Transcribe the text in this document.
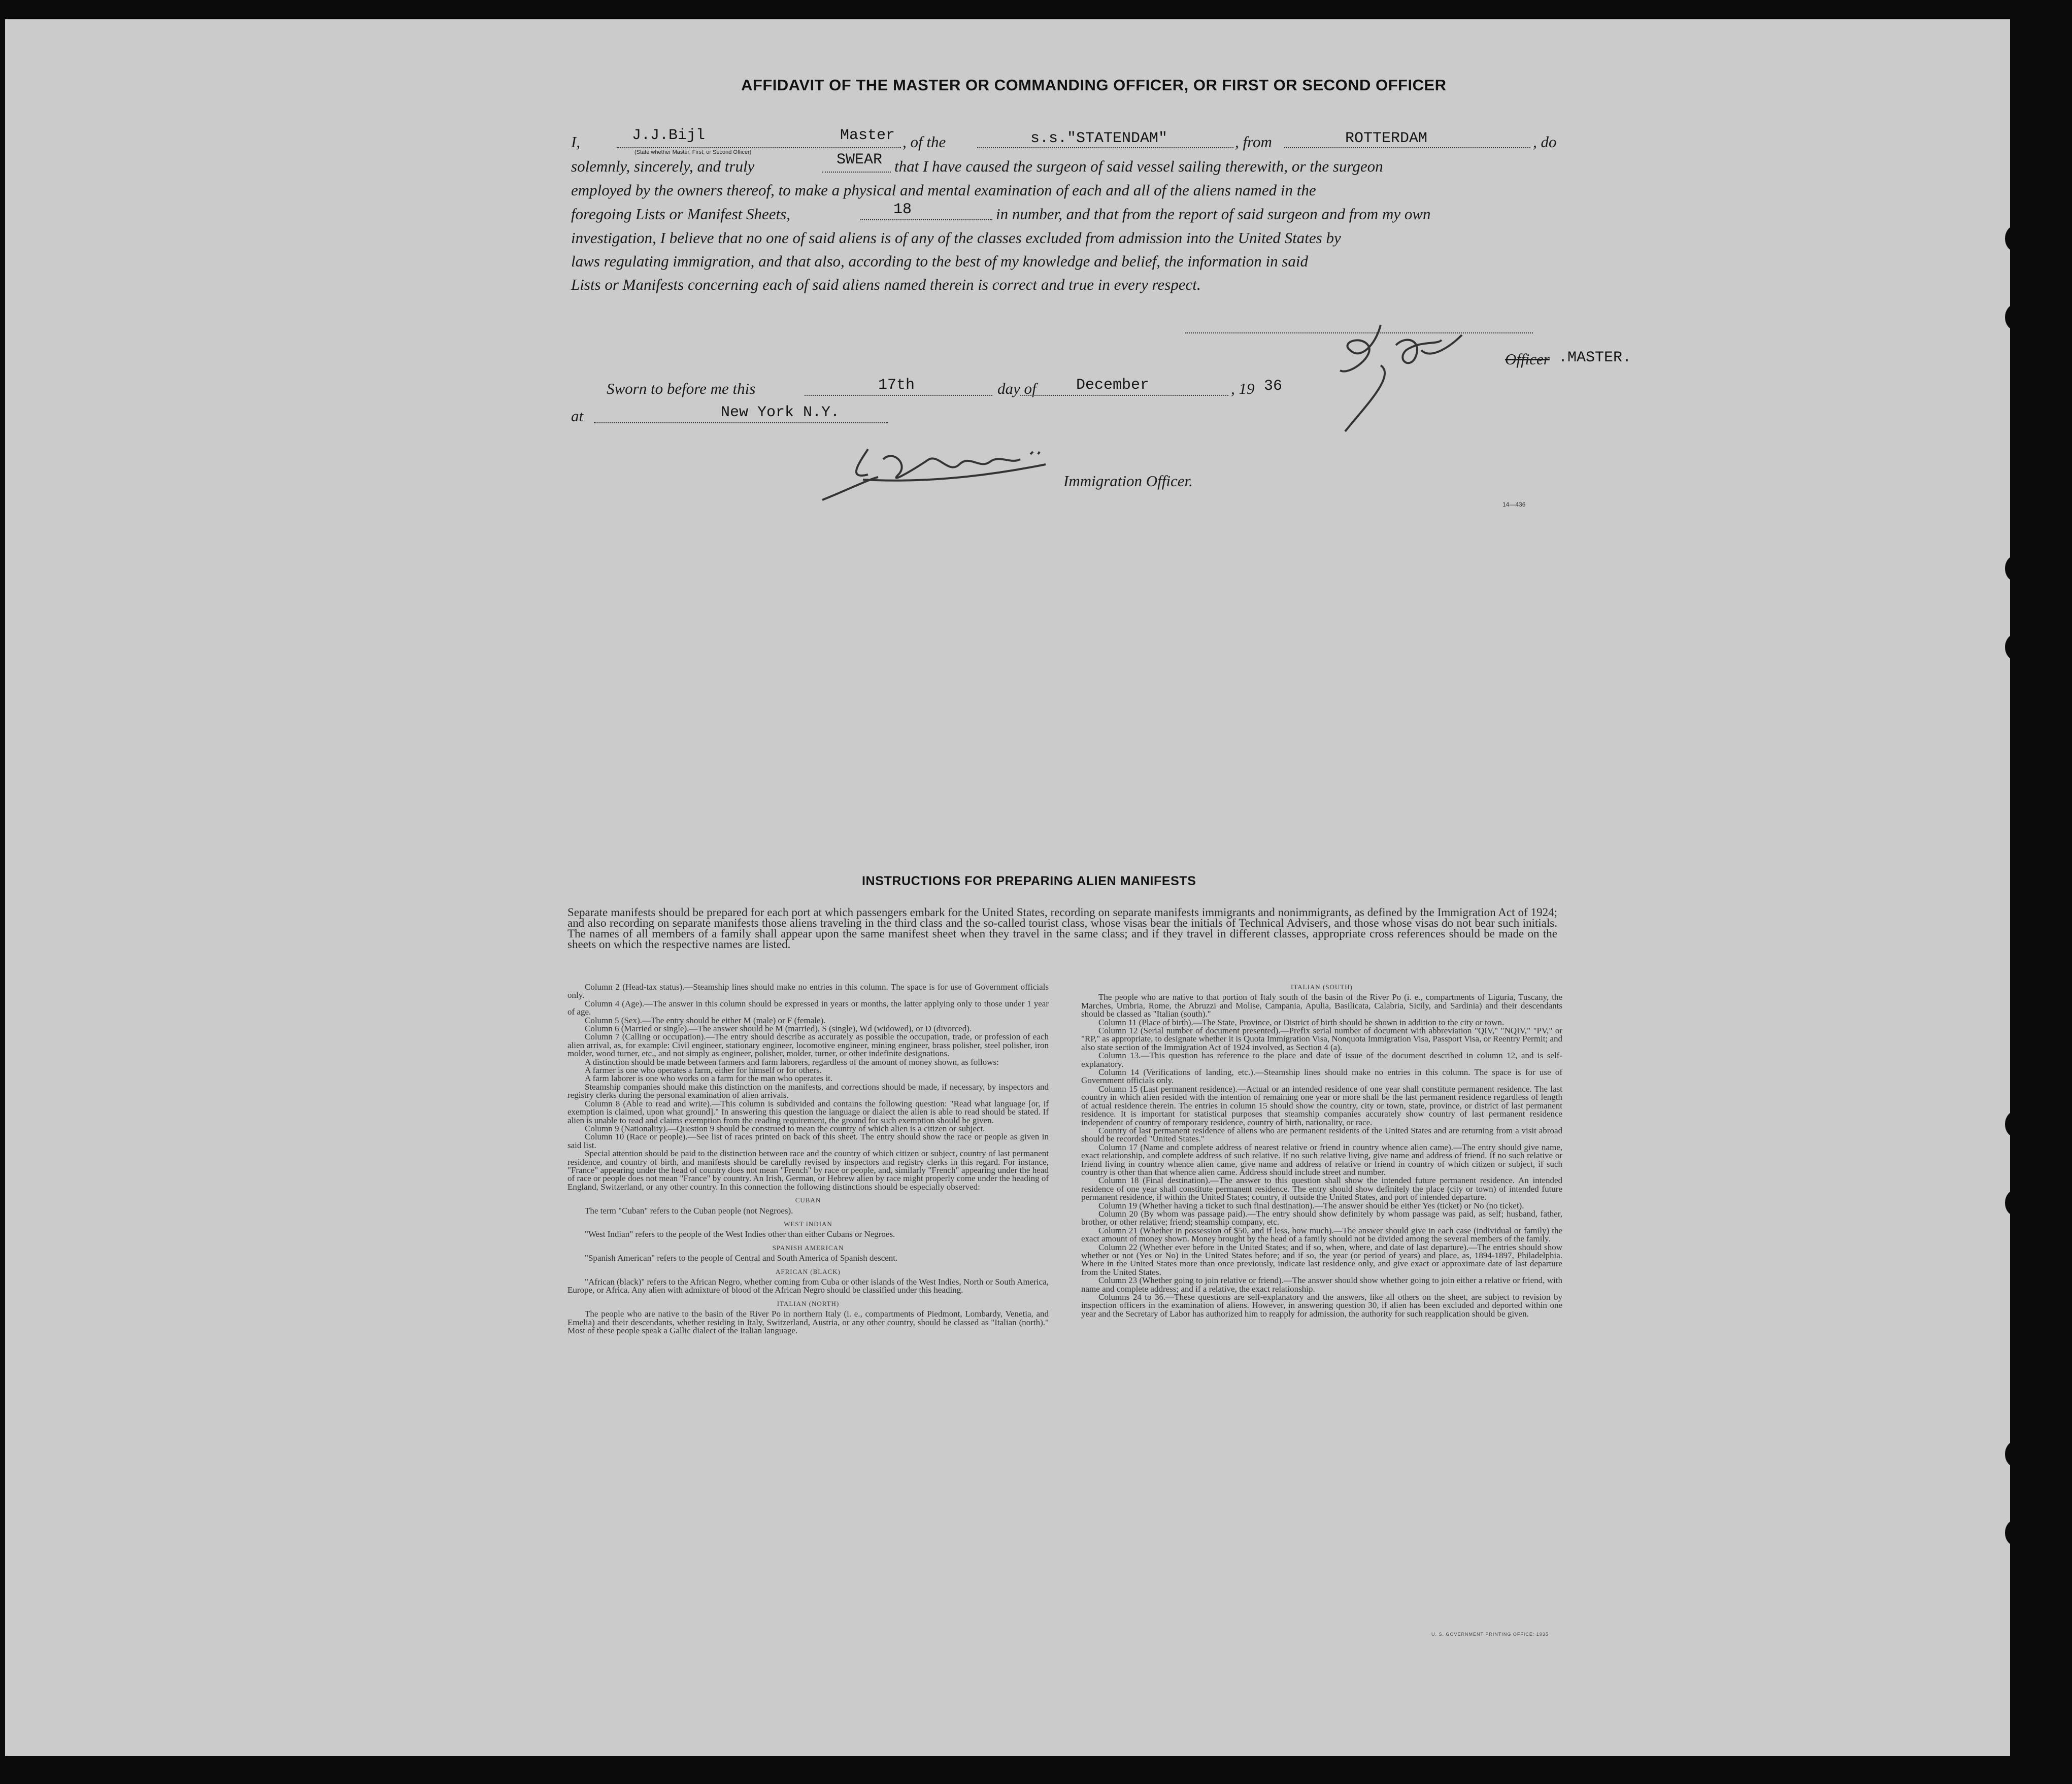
AFFIDAVIT OF THE MASTER OR COMMANDING OFFICER, OR FIRST OR SECOND OFFICER
I,	J.J.Bijl	Master
(State whether Master, First, or Second Officer)
, of the	s.s."STATENDAM"	, from	ROTTERDAM	, do
solemnly, sincerely, and truly	SWEAR that I have caused the surgeon of said vessel sailing therewith, or the surgeon
employed by the owners thereof, to make a physical and mental examination of each and all of the aliens named in the
foregoing Lists or Manifest Sheets,	18	in number, and that from the report of said surgeon and from my own
investigation, I believe that no one of said aliens is of any of the classes excluded from admission into the United States by
laws regulating immigration, and that also, according to the best of my knowledge and belief, the information in said
Lists or Manifests concerning each of said aliens named therein is correct and true in every respect.
Officer .MASTER.
Sworn to before me this	17th	day of	December	, 19 36
at	New York N.Y.
Immigration Officer.
14—436
INSTRUCTIONS FOR PREPARING ALIEN MANIFESTS
Separate manifests should be prepared for each port at which passengers embark for the United States, recording on separate manifests immigrants and nonimmigrants, as defined by the Immigration Act of 1924; and also recording on separate manifests those aliens traveling in the third class and the so-called tourist class, whose visas bear the initials of Technical Advisers, and those whose visas do not bear such initials. The names of all members of a family shall appear upon the same manifest sheet when they travel in the same class; and if they travel in different classes, appropriate cross references should be made on the sheets on which the respective names are listed.

Column 2 (Head-tax status).—Steamship lines should make no entries in this column. The space is for use of Government officials only.

Column 4 (Age).—The answer in this column should be expressed in years or months, the latter applying only to those under 1 year of age.

Column 5 (Sex).—The entry should be either M (male) or F (female).

Column 6 (Married or single).—The answer should be M (married), S (single), Wd (widowed), or D (divorced).

Column 7 (Calling or occupation).—The entry should describe as accurately as possible the occupation, trade, or profession of each alien arrival, as, for example: Civil engineer, stationary engineer, locomotive engineer, mining engineer, brass polisher, steel polisher, iron molder, wood turner, etc., and not simply as engineer, polisher, molder, turner, or other indefinite designations.

A distinction should be made between farmers and farm laborers, regardless of the amount of money shown, as follows:

A farmer is one who operates a farm, either for himself or for others.

A farm laborer is one who works on a farm for the man who operates it.

Steamship companies should make this distinction on the manifests, and corrections should be made, if necessary, by inspectors and registry clerks during the personal examination of alien arrivals.

Column 8 (Able to read and write).—This column is subdivided and contains the following question: "Read what language [or, if exemption is claimed, upon what ground]." In answering this question the language or dialect the alien is able to read should be stated. If alien is unable to read and claims exemption from the reading requirement, the ground for such exemption should be given.

Column 9 (Nationality).—Question 9 should be construed to mean the country of which alien is a citizen or subject.

Column 10 (Race or people).—See list of races printed on back of this sheet. The entry should show the race or people as given in said list.

Special attention should be paid to the distinction between race and the country of which citizen or subject, country of last permanent residence, and country of birth, and manifests should be carefully revised by inspectors and registry clerks in this regard. For instance, "France" appearing under the head of country does not mean "French" by race or people, and, similarly "French" appearing under the head of race or people does not mean "France" by country. An Irish, German, or Hebrew alien by race might properly come under the heading of England, Switzerland, or any other country. In this connection the following distinctions should be especially observed:

CUBAN

The term "Cuban" refers to the Cuban people (not Negroes).

WEST INDIAN

"West Indian" refers to the people of the West Indies other than either Cubans or Negroes.

SPANISH AMERICAN

"Spanish American" refers to the people of Central and South America of Spanish descent.

AFRICAN (BLACK)

"African (black)" refers to the African Negro, whether coming from Cuba or other islands of the West Indies, North or South America, Europe, or Africa. Any alien with admixture of blood of the African Negro should be classified under this heading.

ITALIAN (NORTH)

The people who are native to the basin of the River Po in northern Italy (i. e., compartments of Piedmont, Lombardy, Venetia, and Emelia) and their descendants, whether residing in Italy, Switzerland, Austria, or any other country, should be classed as "Italian (north)." Most of these people speak a Gallic dialect of the Italian language.

ITALIAN (SOUTH)

The people who are native to that portion of Italy south of the basin of the River Po (i. e., compartments of Liguria, Tuscany, the Marches, Umbria, Rome, the Abruzzi and Molise, Campania, Apulia, Basilicata, Calabria, Sicily, and Sardinia) and their descendants should be classed as "Italian (south)."

Column 11 (Place of birth).—The State, Province, or District of birth should be shown in addition to the city or town.

Column 12 (Serial number of document presented).—Prefix serial number of document with abbreviation "QIV," "NQIV," "PV," or "RP," as appropriate, to designate whether it is Quota Immigration Visa, Nonquota Immigration Visa, Passport Visa, or Reentry Permit; and also state section of the Immigration Act of 1924 involved, as Section 4 (a).

Column 13.—This question has reference to the place and date of issue of the document described in column 12, and is self-explanatory.

Column 14 (Verifications of landing, etc.).—Steamship lines should make no entries in this column. The space is for use of Government officials only.

Column 15 (Last permanent residence).—Actual or an intended residence of one year shall constitute permanent residence. The last country in which alien resided with the intention of remaining one year or more shall be the last permanent residence regardless of length of actual residence therein. The entries in column 15 should show the country, city or town, state, province, or district of last permanent residence. It is important for statistical purposes that steamship companies accurately show country of last permanent residence independent of country of temporary residence, country of birth, nationality, or race.

Country of last permanent residence of aliens who are permanent residents of the United States and are returning from a visit abroad should be recorded "United States."

Column 17 (Name and complete address of nearest relative or friend in country whence alien came).—The entry should give name, exact relationship, and complete address of such relative. If no such relative living, give name and address of friend. If no such relative or friend living in country whence alien came, give name and address of relative or friend in country of which citizen or subject, if such country is other than that whence alien came. Address should include street and number.

Column 18 (Final destination).—The answer to this question shall show the intended future permanent residence. An intended residence of one year shall constitute permanent residence. The entry should show definitely the place (city or town) of intended future permanent residence, if within the United States; country, if outside the United States, and port of intended departure.

Column 19 (Whether having a ticket to such final destination).—The answer should be either Yes (ticket) or No (no ticket).

Column 20 (By whom was passage paid).—The entry should show definitely by whom passage was paid, as self; husband, father, brother, or other relative; friend; steamship company, etc.

Column 21 (Whether in possession of $50, and if less, how much).—The answer should give in each case (individual or family) the exact amount of money shown. Money brought by the head of a family should not be divided among the several members of the family.

Column 22 (Whether ever before in the United States; and if so, when, where, and date of last departure).—The entries should show whether or not (Yes or No) in the United States before; and if so, the year (or period of years) and place, as, 1894-1897, Philadelphia. Where in the United States more than once previously, indicate last residence only, and give exact or approximate date of last departure from the United States.

Column 23 (Whether going to join relative or friend).—The answer should show whether going to join either a relative or friend, with name and complete address; and if a relative, the exact relationship.

Columns 24 to 36.—These questions are self-explanatory and the answers, like all others on the sheet, are subject to revision by inspection officers in the examination of aliens. However, in answering question 30, if alien has been excluded and deported within one year and the Secretary of Labor has authorized him to reapply for admission, the authority for such reapplication should be given.

U. S. GOVERNMENT PRINTING OFFICE: 1935
